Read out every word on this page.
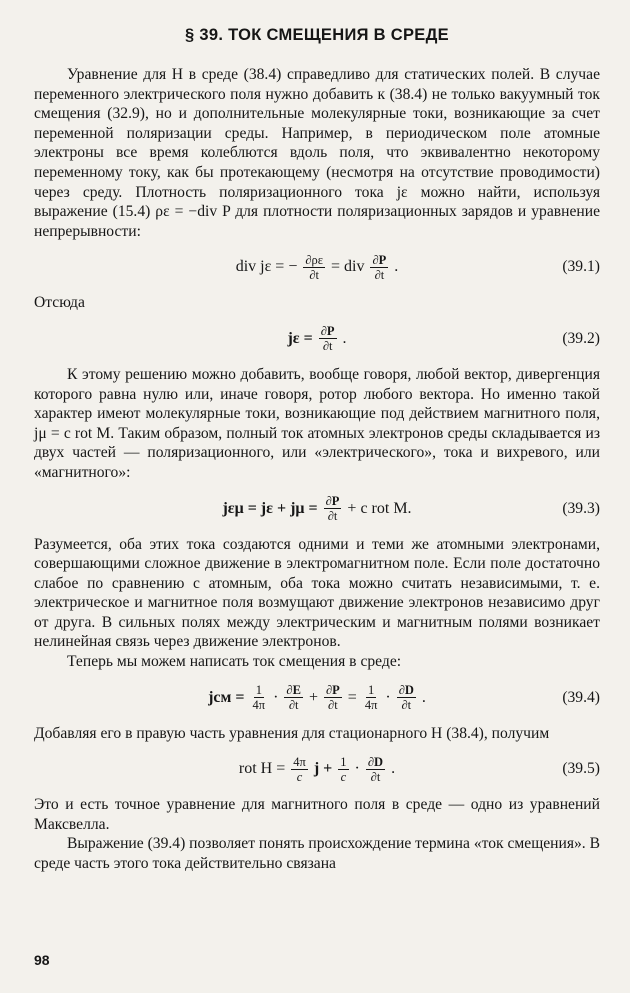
§ 39. ТОК СМЕЩЕНИЯ В СРЕДЕ

Уравнение для H в среде (38.4) справедливо для статических полей. В случае переменного электрического поля нужно добавить к (38.4) не только вакуумный ток смещения (32.9), но и дополнительные молекулярные токи, возникающие за счет переменной поляризации среды. Например, в периодическом поле атомные электроны все время колеблются вдоль поля, что эквивалентно некоторому переменному току, как бы протекающему (несмотря на отсутствие проводимости) через среду. Плотность поляризационного тока jε можно найти, используя выражение (15.4) ρε = −div P для плотности поляризационных зарядов и уравнение непрерывности:

div jε = − $\frac{\partial\rho\varepsilon}{\partial t}$ = div $\frac{\partial P}{\partial t}$ .	(39.1)

Отсюда

$j\varepsilon = \frac{\partial P}{\partial t}$ .	(39.2)

К этому решению можно добавить, вообще говоря, любой вектор, дивергенция которого равна нулю или, иначе говоря, ротор любого вектора. Но именно такой характер имеют молекулярные токи, возникающие под действием магнитного поля, jμ = c rot M. Таким образом, полный ток атомных электронов среды складывается из двух частей — поляризационного, или «электрического», тока и вихревого, или «магнитного»:

$j\varepsilon\mu = j\varepsilon + j\mu = \frac{\partial P}{\partial t} + c$ rot M.	(39.3)

Разумеется, оба этих тока создаются одними и теми же атомными электронами, совершающими сложное движение в электромагнитном поле. Если поле достаточно слабое по сравнению с атомным, оба тока можно считать независимыми, т. е. электрическое и магнитное поля возмущают движение электронов независимо друг от друга. В сильных полях между электрическим и магнитным полями возникает нелинейная связь через движение электронов.

Теперь мы можем написать ток смещения в среде:

jсм = $\frac{1}{4\pi} \cdot \frac{\partial E}{\partial t} + \frac{\partial P}{\partial t} = \frac{1}{4\pi} \cdot \frac{\partial D}{\partial t}$ .	(39.4)

Добавляя его в правую часть уравнения для стационарного H (38.4), получим

rot $H = \frac{4\pi}{c}$ $j + \frac{1}{c} \cdot \frac{\partial D}{\partial t}$ .	(39.5)

Это и есть точное уравнение для магнитного поля в среде — одно из уравнений Максвелла.

Выражение (39.4) позволяет понять происхождение термина «ток смещения». В среде часть этого тока действительно связана

98
